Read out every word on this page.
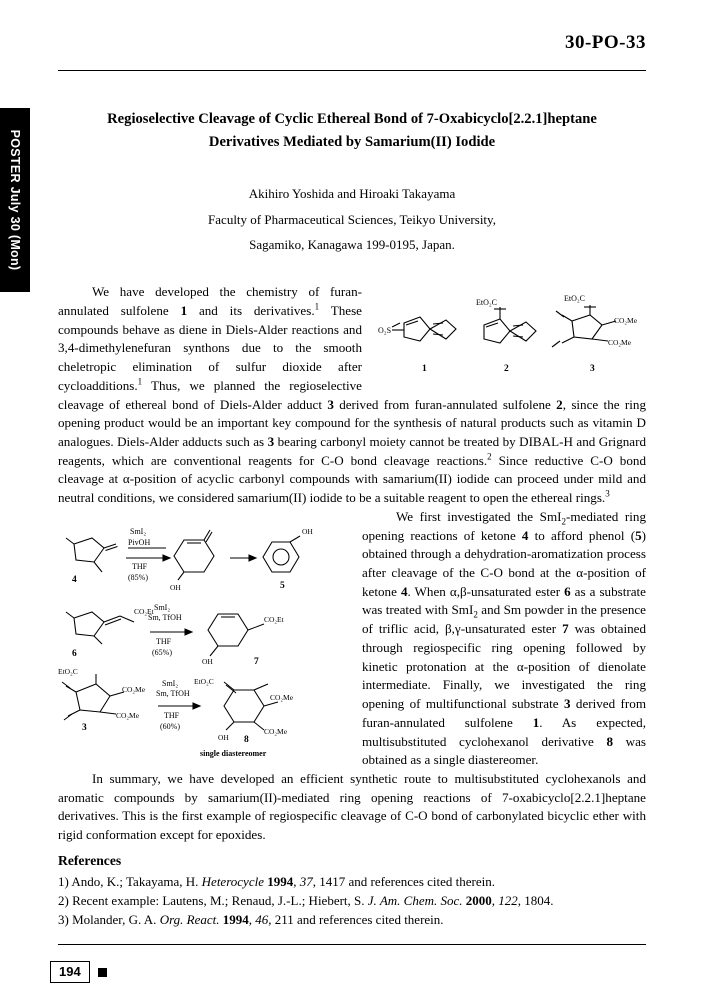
30-PO-33
POSTER July 30 (Mon)
Regioselective Cleavage of Cyclic Ethereal Bond of 7-Oxabicyclo[2.2.1]heptane
Derivatives Mediated by Samarium(II) Iodide
Akihiro Yoshida and Hiroaki Takayama
Faculty of Pharmaceutical Sciences, Teikyo University,
Sagamiko, Kanagawa 199-0195, Japan.
O₂S
1
EtO₂C
2
EtO₂C
CO₂Me
CO₂Me
3

We have developed the chemistry of furan-annulated sulfolene 1 and its derivatives.$^1$ These compounds behave as diene in Diels-Alder reactions and 3,4-dimethylenefuran synthons due to the smooth cheletropic elimination of sulfur dioxide after cycloadditions.$^1$ Thus, we planned the regioselective cleavage of ethereal bond of Diels-Alder adduct 3 derived from furan-annulated sulfolene 2, since the ring opening product would be an important key compound for the synthesis of natural products such as vitamin D analogues. Diels-Alder adducts such as 3 bearing carbonyl moiety cannot be treated by DIBAL-H and Grignard reagents, which are conventional reagents for C-O bond cleavage reactions.$^2$ Since reductive C-O bond cleavage at α-position of acyclic carbonyl compounds with samarium(II) iodide can proceed under mild and neutral conditions, we considered samarium(II) iodide to be a suitable reagent to open the ethereal rings.$^3$

SmI₂
PivOH
THF
(85%)
4
5
OH
OH
SmI₂
Sm, TfOH
THF
(65%)
CO₂Et
CO₂Et
OH
6
7
SmI₂
Sm, TfOH
THF
(60%)
EtO₂C
CO₂Me
CO₂Me
EtO₂C
CO₂Me
CO₂Me
OH
3
8
single diastereomer

We first investigated the SmI$_2$-mediated ring opening reactions of ketone 4 to afford phenol (5) obtained through a dehydration-aromatization process after cleavage of the C-O bond at the α-position of ketone 4. When α,β-unsaturated ester 6 as a substrate was treated with SmI$_2$ and Sm powder in the presence of triflic acid, β,γ-unsaturated ester 7 was obtained through regiospecific ring opening followed by kinetic protonation at the α-position of dienolate intermediate. Finally, we investigated the ring opening of multifunctional substrate 3 derived from furan-annulated sulfolene 1. As expected, multisubstituted cyclohexanol derivative 8 was obtained as a single diastereomer.

In summary, we have developed an efficient synthetic route to multisubstituted cyclohexanols and aromatic compounds by samarium(II)-mediated ring opening reactions of 7-oxabicyclo[2.2.1]heptane derivatives. This is the first example of regiospecific cleavage of C-O bond of carbonylated bicyclic ether with rigid conformation except for epoxides.

References
1) Ando, K.; Takayama, H. Heterocycle 1994, 37, 1417 and references cited therein.
2) Recent example: Lautens, M.; Renaud, J.-L.; Hiebert, S. J. Am. Chem. Soc. 2000, 122, 1804.
3) Molander, G. A. Org. React. 1994, 46, 211 and references cited therein.
194
